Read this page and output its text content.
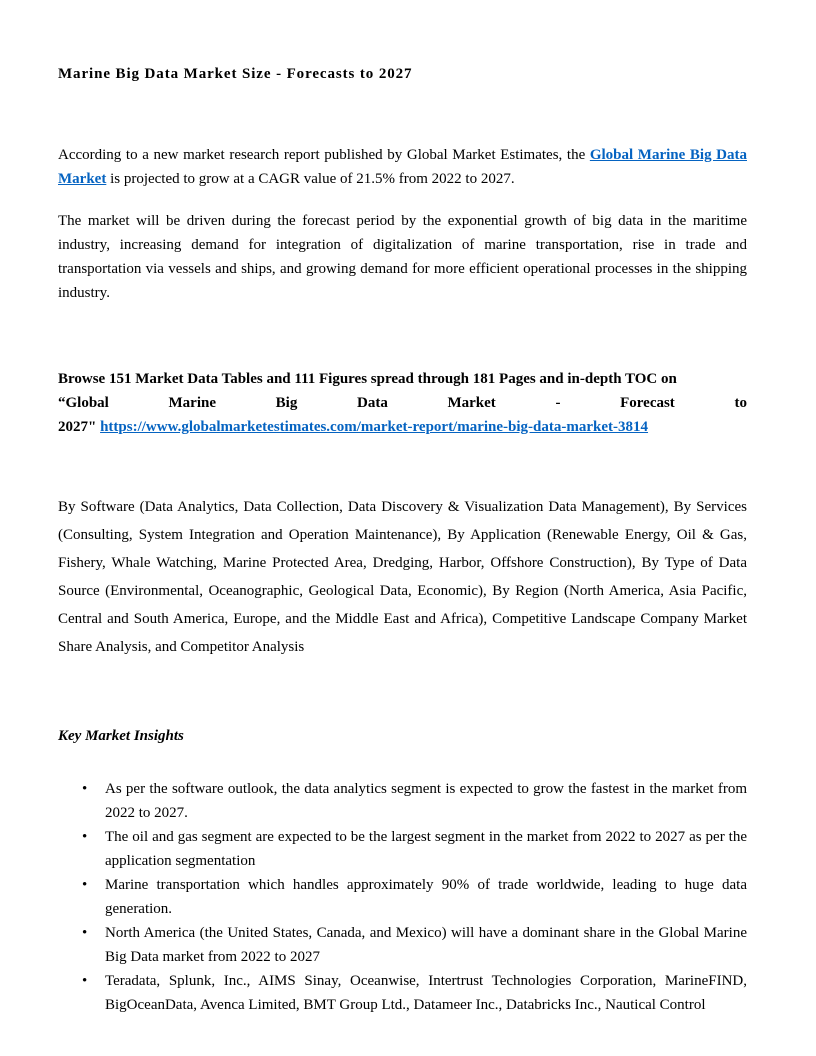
Marine Big Data Market Size - Forecasts to 2027

According to a new market research report published by Global Market Estimates, the Global Marine Big Data Market is projected to grow at a CAGR value of 21.5% from 2022 to 2027.

The market will be driven during the forecast period by the exponential growth of big data in the maritime industry, increasing demand for integration of digitalization of marine transportation, rise in trade and transportation via vessels and ships, and growing demand for more efficient operational processes in the shipping industry.

Browse 151 Market Data Tables and 111 Figures spread through 181 Pages and in-depth TOC on
“Global	Marine	Big	Data	Market	-	Forecast	to
2027" https://www.globalmarketestimates.com/market-report/marine-big-data-market-3814

By Software (Data Analytics, Data Collection, Data Discovery & Visualization Data Management), By Services (Consulting, System Integration and Operation Maintenance), By Application (Renewable Energy, Oil & Gas, Fishery, Whale Watching, Marine Protected Area, Dredging, Harbor, Offshore Construction), By Type of Data Source (Environmental, Oceanographic, Geological Data, Economic), By Region (North America, Asia Pacific, Central and South America, Europe, and the Middle East and Africa), Competitive Landscape Company Market Share Analysis, and Competitor Analysis

Key Market Insights
• As per the software outlook, the data analytics segment is expected to grow the fastest in the market from 2022 to 2027.
• The oil and gas segment are expected to be the largest segment in the market from 2022 to 2027 as per the application segmentation
• Marine transportation which handles approximately 90% of trade worldwide, leading to huge data generation.
• North America (the United States, Canada, and Mexico) will have a dominant share in the Global Marine Big Data market from 2022 to 2027
• Teradata, Splunk, Inc., AIMS Sinay, Oceanwise, Intertrust Technologies Corporation, MarineFIND, BigOceanData, Avenca Limited, BMT Group Ltd., Datameer Inc., Databricks Inc., Nautical Control
